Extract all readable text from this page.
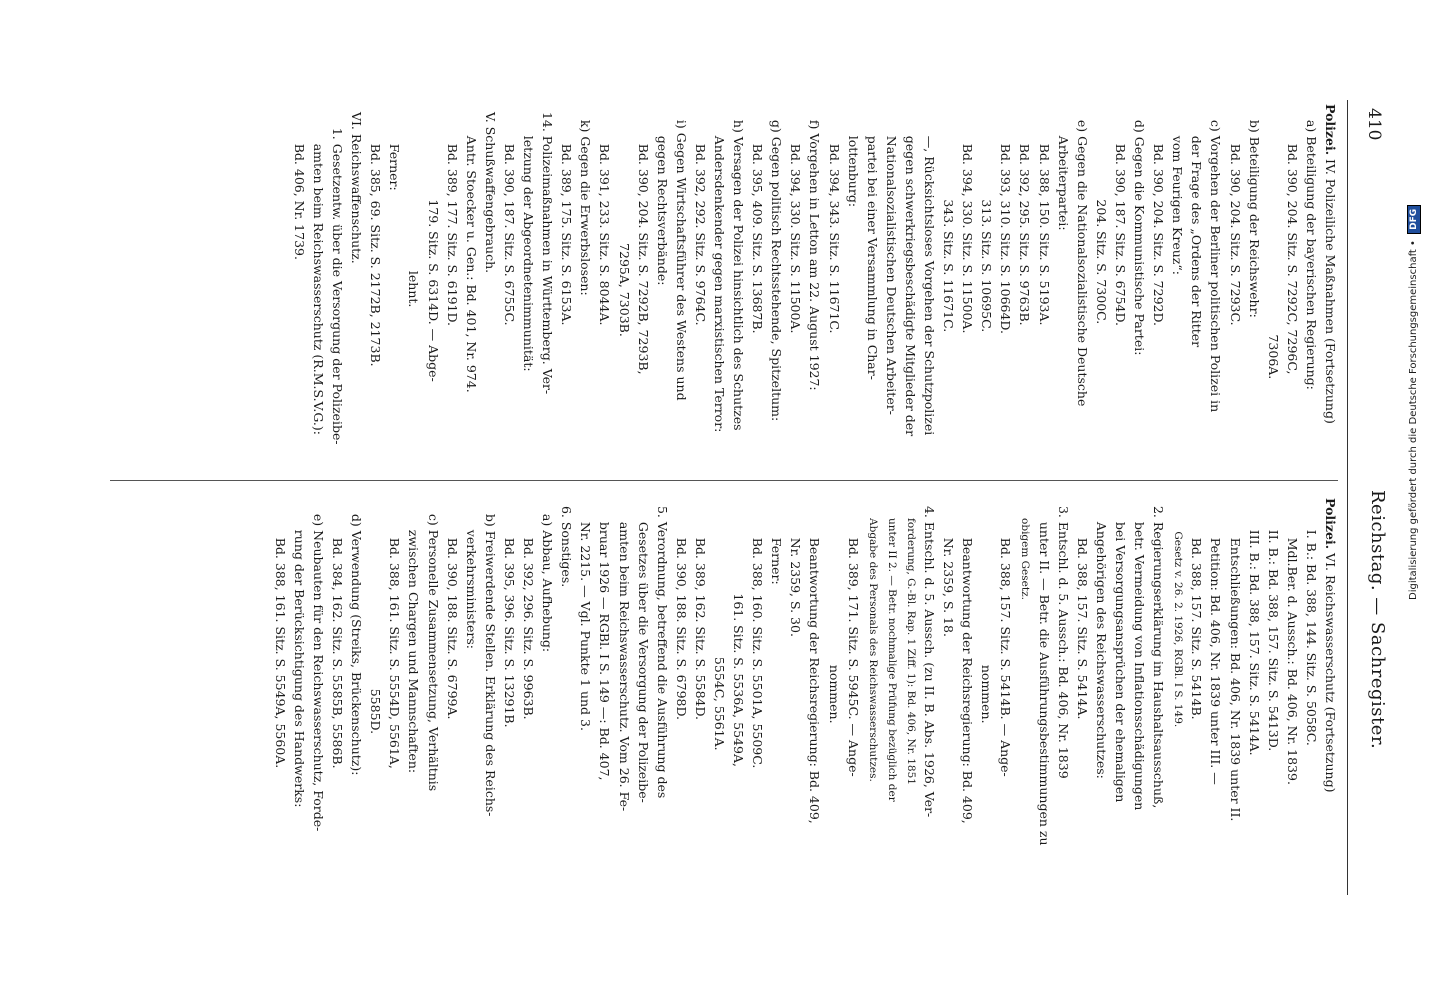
410
Reichstag. — Sachregister.

Polizei. IV. Polizeiliche Maßnahmen (Fortsetzung)

a) Beteiligung der bayerischen Regierung:

Bd. 390, 204. Sitz. S. 7292C, 7296C,

7306A.

b) Beteiligung der Reichswehr:

Bd. 390, 204. Sitz. S. 7293C.

c) Vorgehen der Berliner politischen Polizei in

der Frage des „Ordens der Ritter

vom Feurigen Kreuz“:

Bd. 390, 204. Sitz. S. 7292D.

d) Gegen die Kommunistische Partei:

Bd. 390, 187. Sitz. S. 6754D.

204. Sitz. S. 7300C.

e) Gegen die Nationalsozialistische Deutsche

Arbeiterpartei:

Bd. 388, 150. Sitz. S. 5193A.

Bd. 392, 295. Sitz. S. 9763B.

Bd. 393, 310. Sitz. S. 10664D.

313. Sitz. S. 10695C.

Bd. 394, 330. Sitz. S. 11500A.

343. Sitz. S. 11671C.

—, Rücksichtsloses Vorgehen der Schutzpolizei

gegen schwerkriegsbeschädigte Mitglieder der

Nationalsozialistischen Deutschen Arbeiter-

partei bei einer Versammlung in Char-

lottenburg:

Bd. 394, 343. Sitz. S. 11671C.

f) Vorgehen in Letton am 22. August 1927:

Bd. 394, 330. Sitz. S. 11500A.

g) Gegen politisch Rechtsstehende, Spitzeltum:

Bd. 395, 409. Sitz. S. 13687B.

h) Versagen der Polizei hinsichtlich des Schutzes

Andersdenkender gegen marxistischen Terror:

Bd. 392, 292. Sitz. S. 9764C.

i) Gegen Wirtschaftsführer des Westens und

gegen Rechtsverbände:

Bd. 390, 204. Sitz. S. 7292B, 7293B,

7295A, 7303B.

Bd. 391, 233. Sitz. S. 8044A.

k) Gegen die Erwerbslosen:

Bd. 389, 175. Sitz. S. 6153A.

14. Polizeimaßnahmen in Württemberg. Ver-

letzung der Abgeordnetenimmunität:

Bd. 390, 187. Sitz. S. 6755C.

V. Schußwaffengebrauch.

Antr. Stoecker u. Gen.: Bd. 401, Nr. 974.

Bd. 389, 177. Sitz. S. 6191D.

179. Sitz. S. 6314D. — Abge-

lehnt.

Ferner:

Bd. 385, 69. Sitz. S. 2172B, 2173B.

VI. Reichswaffenschutz.

1. Gesetzentw. über die Versorgung der Polizeibe-

amten beim Reichswasserschutz (R.M.S.V.G.):

Bd. 406, Nr. 1739.

Polizei. VI. Reichswasserschutz (Fortsetzung)

I. B.: Bd. 388, 144. Sitz. S. 5058C.

Mdl.Ber. d. Aussch.: Bd. 406, Nr. 1839.

II. B.: Bd. 388, 157. Sitz. S. 5413D.

III. B.: Bd. 388, 157. Sitz. S. 5414A.

Entschließungen: Bd. 406, Nr. 1839 unter II.

Petition: Bd. 406, Nr. 1839 unter III. —

Bd. 388, 157. Sitz. S. 5414B.

Gesetz v. 26. 2. 1926, RGBl. I S. 149.

2. Regierungserklärung im Haushaltsausschuß,

betr. Vermeidung von Inflationsschädigungen

bei Versorgungsansprüchen der ehemaligen

Angehörigen des Reichswasserschutzes:

Bd. 388, 157. Sitz. S. 5414A.

3. Entschl. d. 5. Aussch.: Bd. 406, Nr. 1839

unter II. — Betr. die Ausführungsbestimmungen zu

obigem Gesetz.

Bd. 388, 157. Sitz. S. 5414B. — Ange-

nommen.

Beantwortung der Reichsregierung: Bd. 409,

Nr. 2359, S. 18.

4. Entschl. d. 5. Aussch. (zu II. B. Abs. 1926, Ver-

forderung, G.-Bl. Rap. 1 Ziff. 1): Bd. 406, Nr. 1851

unter II 2. — Betr. nochmalige Prüfung bezüglich der

Abgabe des Personals des Reichswasserschutzes.

Bd. 389, 171. Sitz. S. 5945C. — Ange-

nommen.

Beantwortung der Reichsregierung: Bd. 409,

Nr. 2359, S. 30.

Ferner:

Bd. 388, 160. Sitz. S. 5501A, 5509C.

161. Sitz. S. 5536A, 5549A,

5554C, 5561A.

Bd. 389, 162. Sitz. S. 5584D.

Bd. 390, 188. Sitz. S. 6798D.

5. Verordnung, betreffend die Ausführung des

Gesetzes über die Versorgung der Polizeibe-

amten beim Reichswasserschutz. Vom 26. Fe-

bruar 1926 — RGBl. I S. 149 —: Bd. 407,

Nr. 2215. — Vgl. Punkte 1 und 3.

6. Sonstiges.

a) Abbau, Aufhebung:

Bd. 392, 296. Sitz. S. 9963B.

Bd. 395, 396. Sitz. S. 13291B.

b) Freiwerdende Stellen. Erklärung des Reichs-

verkehrsministers:

Bd. 390, 188. Sitz. S. 6799A.

c) Personelle Zusammensetzung, Verhältnis

zwischen Chargen und Mannschaften:

Bd. 388, 161. Sitz. S. 5554D, 5561A,

5585D.

d) Verwendung (Streiks, Brückenschutz):

Bd. 384, 162. Sitz. S. 5585B, 5586B.

e) Neubauten für den Reichswasserschutz, Forde-

rung der Berücksichtigung des Handwerks:

Bd. 388, 161. Sitz. S. 5549A, 5560A.

Digitalisierung gefördert durch die Deutsche Forschungsgemeinschaft • DFG
